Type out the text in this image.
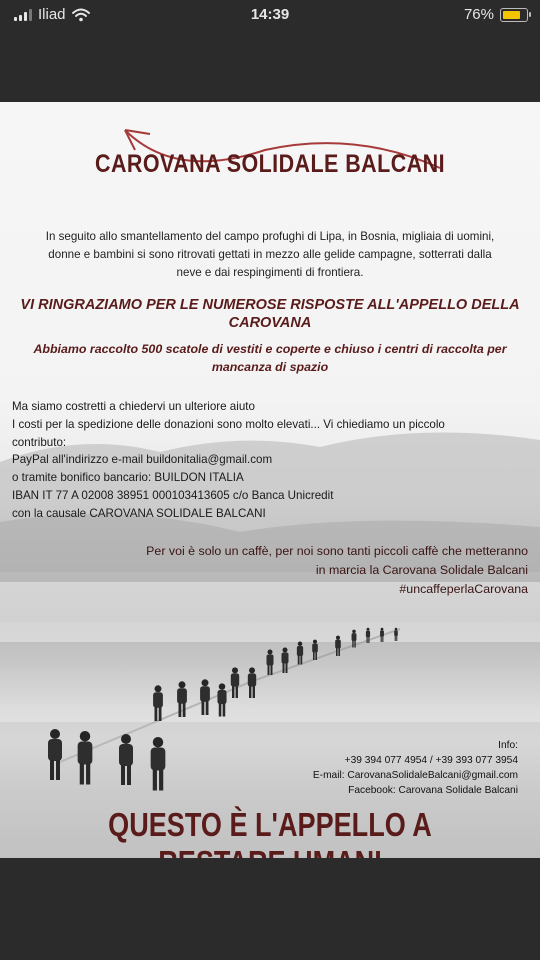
Iliad	14:39	76%
CAROVANA SOLIDALE BALCANI
In seguito allo smantellamento del campo profughi di Lipa, in Bosnia, migliaia di uomini,
donne e bambini si sono ritrovati gettati in mezzo alle gelide campagne, sotterrati dalla
neve e dai respingimenti di frontiera.
VI RINGRAZIAMO PER LE NUMEROSE RISPOSTE ALL'APPELLO DELLA
CAROVANA
Abbiamo raccolto 500 scatole di vestiti e coperte e chiuso i centri di raccolta per
mancanza di spazio
Ma siamo costretti a chiedervi un ulteriore aiuto
I costi per la spedizione delle donazioni sono molto elevati... Vi chiediamo un piccolo
contributo:
PayPal all'indirizzo e-mail buildonitalia@gmail.com
o tramite bonifico bancario: BUILDON ITALIA
IBAN IT 77 A 02008 38951 000103413605 c/o Banca Unicredit
con la causale CAROVANA SOLIDALE BALCANI
Per voi è solo un caffè, per noi sono tanti piccoli caffè che metteranno
in marcia la Carovana Solidale Balcani
#uncaffeperlaCarovana
Info:
+39 394 077 4954 / +39 393 077 3954
E-mail: CarovanaSolidaleBalcani@gmail.com
Facebook: Carovana Solidale Balcani
QUESTO È L'APPELLO A
